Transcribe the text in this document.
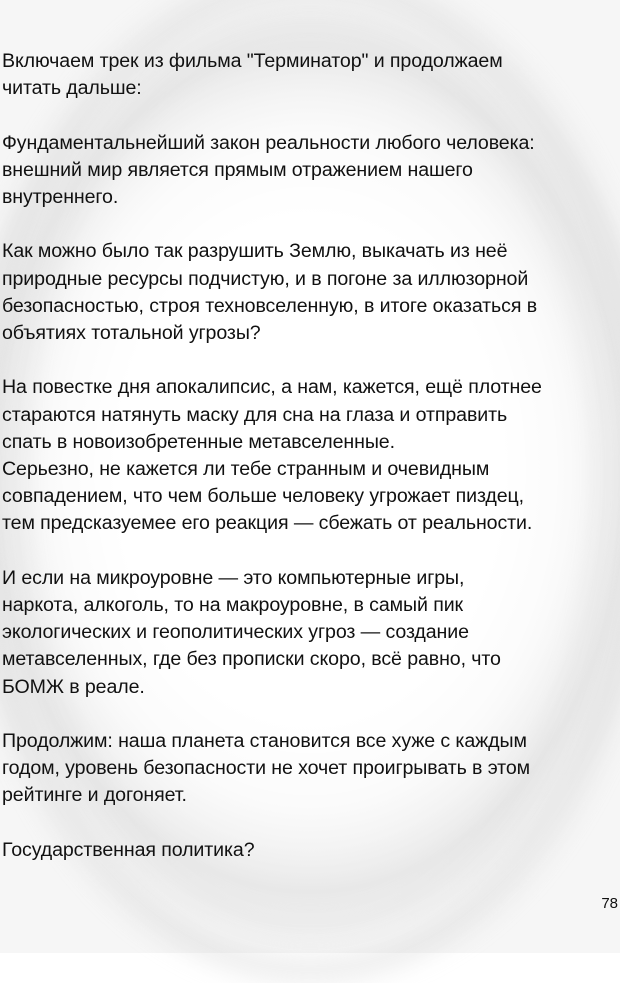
Включаем трек из фильма "Терминатор" и продолжаем
читать дальше:

Фундаментальнейший закон реальности любого человека:
внешний мир является прямым отражением нашего
внутреннего.

Как можно было так разрушить Землю, выкачать из неё
природные ресурсы подчистую, и в погоне за иллюзорной
безопасностью, строя техновселенную, в итоге оказаться в
объятиях тотальной угрозы?

На повестке дня апокалипсис, а нам, кажется, ещё плотнее
стараются натянуть маску для сна на глаза и отправить
спать в новоизобретенные метавселенные.

Серьезно, не кажется ли тебе странным и очевидным
совпадением, что чем больше человеку угрожает пиздец,
тем предсказуемее его реакция — сбежать от реальности.

И если на микроуровне — это компьютерные игры,
наркота, алкоголь, то на макроуровне, в самый пик
экологических и геополитических угроз — создание
метавселенных, где без прописки скоро, всё равно, что
БОМЖ в реале.

Продолжим: наша планета становится все хуже с каждым
годом, уровень безопасности не хочет проигрывать в этом
рейтинге и догоняет.

Государственная политика?

78
